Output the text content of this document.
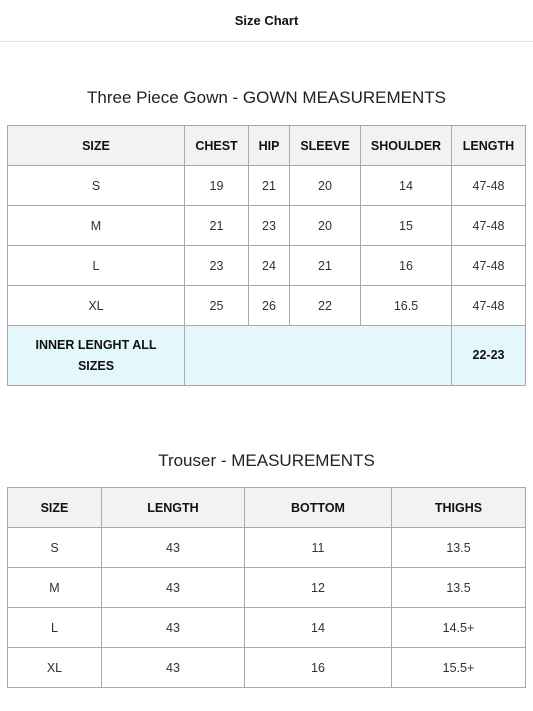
Size Chart
Three Piece Gown - GOWN MEASUREMENTS
SIZE	CHEST	HIP	SLEEVE	SHOULDER	LENGTH
S	19	21	20	14	47-48
M	21	23	20	15	47-48
L	23	24	21	16	47-48
XL	25	26	22	16.5	47-48
INNER LENGHT ALL SIZES					22-23
Trouser - MEASUREMENTS
SIZE	LENGTH	BOTTOM	THIGHS
S	43	11	13.5
M	43	12	13.5
L	43	14	14.5+
XL	43	16	15.5+
